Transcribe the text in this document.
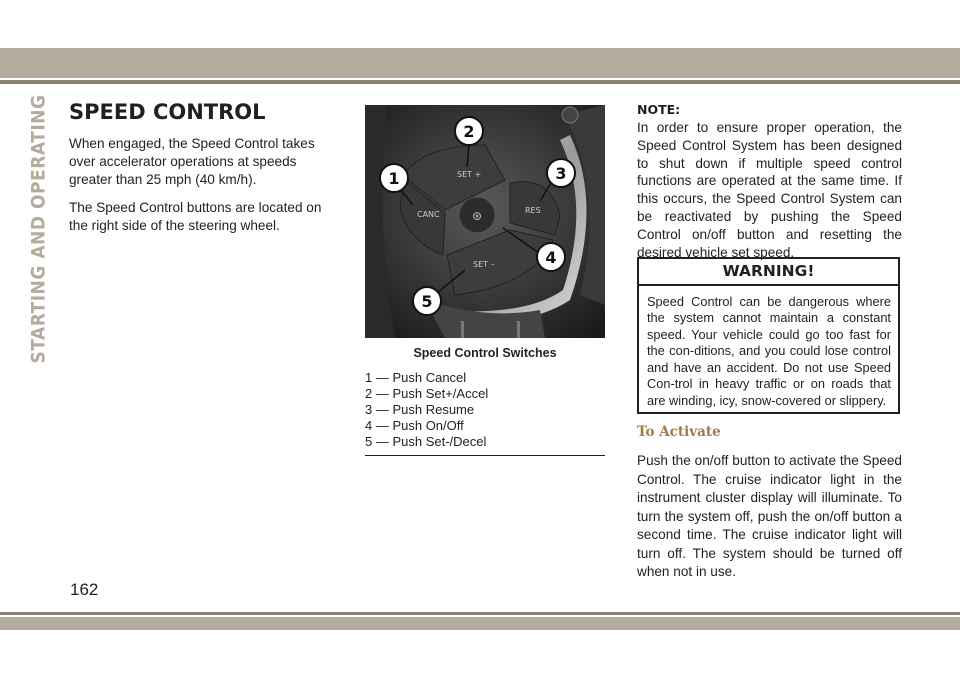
STARTING AND OPERATING SPEED CONTROL

When engaged, the Speed Control takes over accelerator operations at speeds greater than 25 mph (40 km/h).

The Speed Control buttons are located on the right side of the steering wheel.

⊛
CANC
SET +
RES
SET –
1
2
3
4
5
Speed Control Switches
1 — Push Cancel
2 — Push Set+/Accel
3 — Push Resume
4 — Push On/Off
5 — Push Set-/Decel

NOTE:

In order to ensure proper operation, the Speed Control System has been designed to shut down if multiple speed control functions are operated at the same time. If this occurs, the Speed Control System can be reactivated by pushing the Speed Control on/off button and resetting the desired vehicle set speed.

WARNING!
Speed Control can be dangerous where the system cannot maintain a constant speed. Your vehicle could go too fast for the con-ditions, and you could lose control and have an accident. Do not use Speed Con-trol in heavy traffic or on roads that are winding, icy, snow-covered or slippery.
To Activate
Push the on/off button to activate the Speed Control. The cruise indicator light in the instrument cluster display will illuminate. To turn the system off, push the on/off button a second time. The cruise indicator light will turn off. The system should be turned off when not in use.
162
